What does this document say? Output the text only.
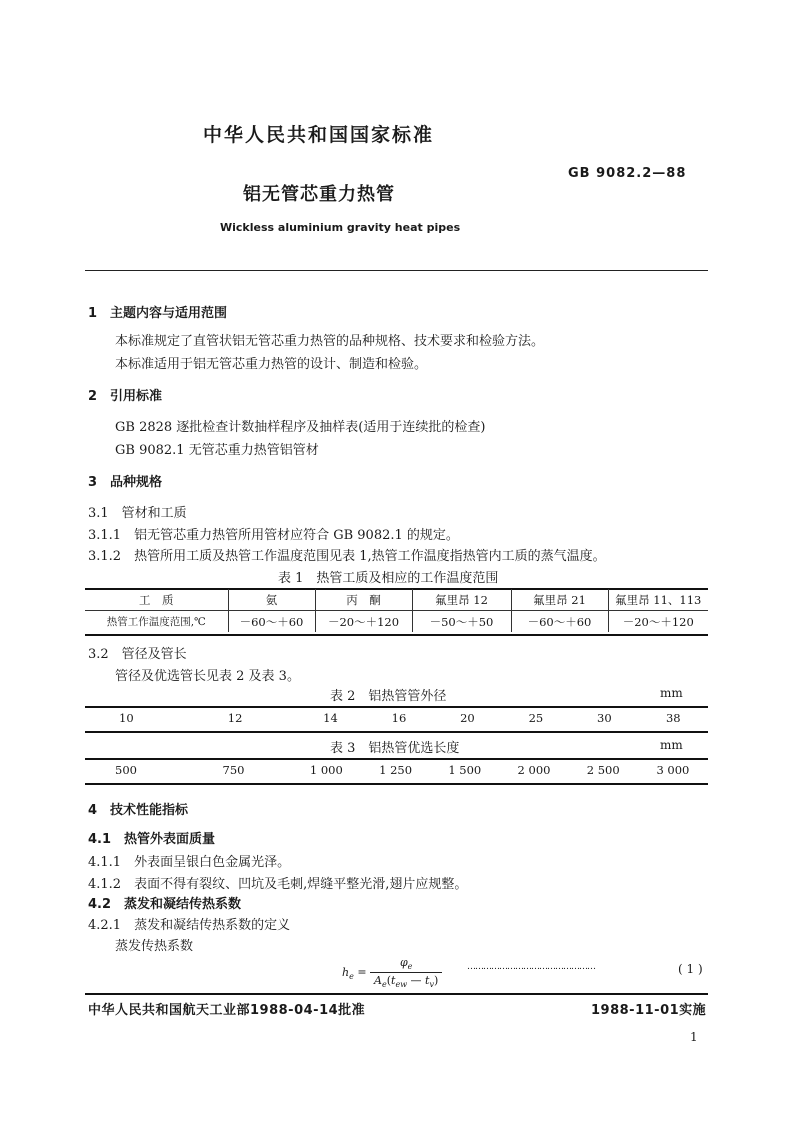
中华人民共和国国家标准
GB 9082.2—88
铝无管芯重力热管
Wickless aluminium gravity heat pipes
1　主题内容与适用范围
本标准规定了直管状铝无管芯重力热管的品种规格、技术要求和检验方法。
本标准适用于铝无管芯重力热管的设计、制造和检验。
2　引用标准
GB 2828 逐批检查计数抽样程序及抽样表(适用于连续批的检查)
GB 9082.1 无管芯重力热管铝管材
3　品种规格
3.1　管材和工质
3.1.1　铝无管芯重力热管所用管材应符合 GB 9082.1 的规定。
3.1.2　热管所用工质及热管工作温度范围见表 1,热管工作温度指热管内工质的蒸气温度。
表 1　热管工质及相应的工作温度范围
工　质	氨	丙　酮	氟里昂 12	氟里昂 21	氟里昂 11、113
热管工作温度范围,℃	－60～＋60	－20～＋120	－50～＋50	－60～＋60	－20～＋120
3.2　管径及管长
管径及优选管长见表 2 及表 3。
表 2　铝热管管外径	mm
10	12	14	16	20	25	30	38
表 3　铝热管优选长度	mm
500	750	1 000	1 250	1 500	2 000	2 500	3 000
4　技术性能指标
4.1　热管外表面质量
4.1.1　外表面呈银白色金属光泽。
4.1.2　表面不得有裂纹、凹坑及毛刺,焊缝平整光滑,翅片应规整。
4.2　蒸发和凝结传热系数
4.2.1　蒸发和凝结传热系数的定义
蒸发传热系数
$h_e = \frac{\varphi_e}{A_e(t_{ew} — t_v)}$	…………………………………………	( 1 )
中华人民共和国航天工业部1988-04-14批准	1988-11-01实施
1
